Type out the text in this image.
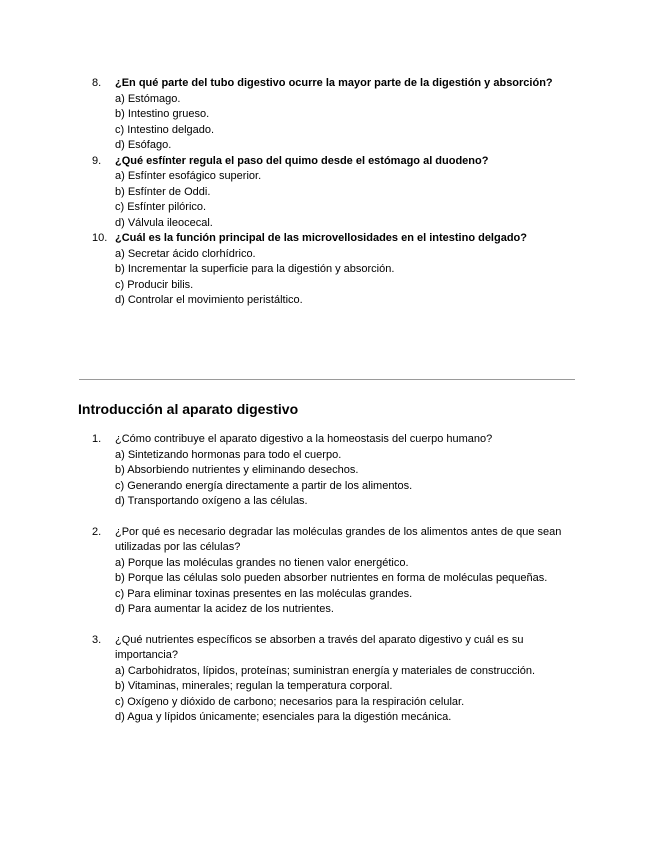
8.	¿En qué parte del tubo digestivo ocurre la mayor parte de la digestión y absorción?
a) Estómago.
b) Intestino grueso.
c) Intestino delgado.
d) Esófago.
9.	¿Qué esfínter regula el paso del quimo desde el estómago al duodeno?
a) Esfínter esofágico superior.
b) Esfínter de Oddi.
c) Esfínter pilórico.
d) Válvula ileocecal.
10. ¿Cuál es la función principal de las microvellosidades en el intestino delgado?
a) Secretar ácido clorhídrico.
b) Incrementar la superficie para la digestión y absorción.
c) Producir bilis.
d) Controlar el movimiento peristáltico.
Introducción al aparato digestivo
1.	¿Cómo contribuye el aparato digestivo a la homeostasis del cuerpo humano?
a) Sintetizando hormonas para todo el cuerpo.
b) Absorbiendo nutrientes y eliminando desechos.
c) Generando energía directamente a partir de los alimentos.
d) Transportando oxígeno a las células.
2.	¿Por qué es necesario degradar las moléculas grandes de los alimentos antes de que sean utilizadas por las células?
a) Porque las moléculas grandes no tienen valor energético.
b) Porque las células solo pueden absorber nutrientes en forma de moléculas pequeñas.
c) Para eliminar toxinas presentes en las moléculas grandes.
d) Para aumentar la acidez de los nutrientes.
3.	¿Qué nutrientes específicos se absorben a través del aparato digestivo y cuál es su importancia?
a) Carbohidratos, lípidos, proteínas; suministran energía y materiales de construcción.
b) Vitaminas, minerales; regulan la temperatura corporal.
c) Oxígeno y dióxido de carbono; necesarios para la respiración celular.
d) Agua y lípidos únicamente; esenciales para la digestión mecánica.
